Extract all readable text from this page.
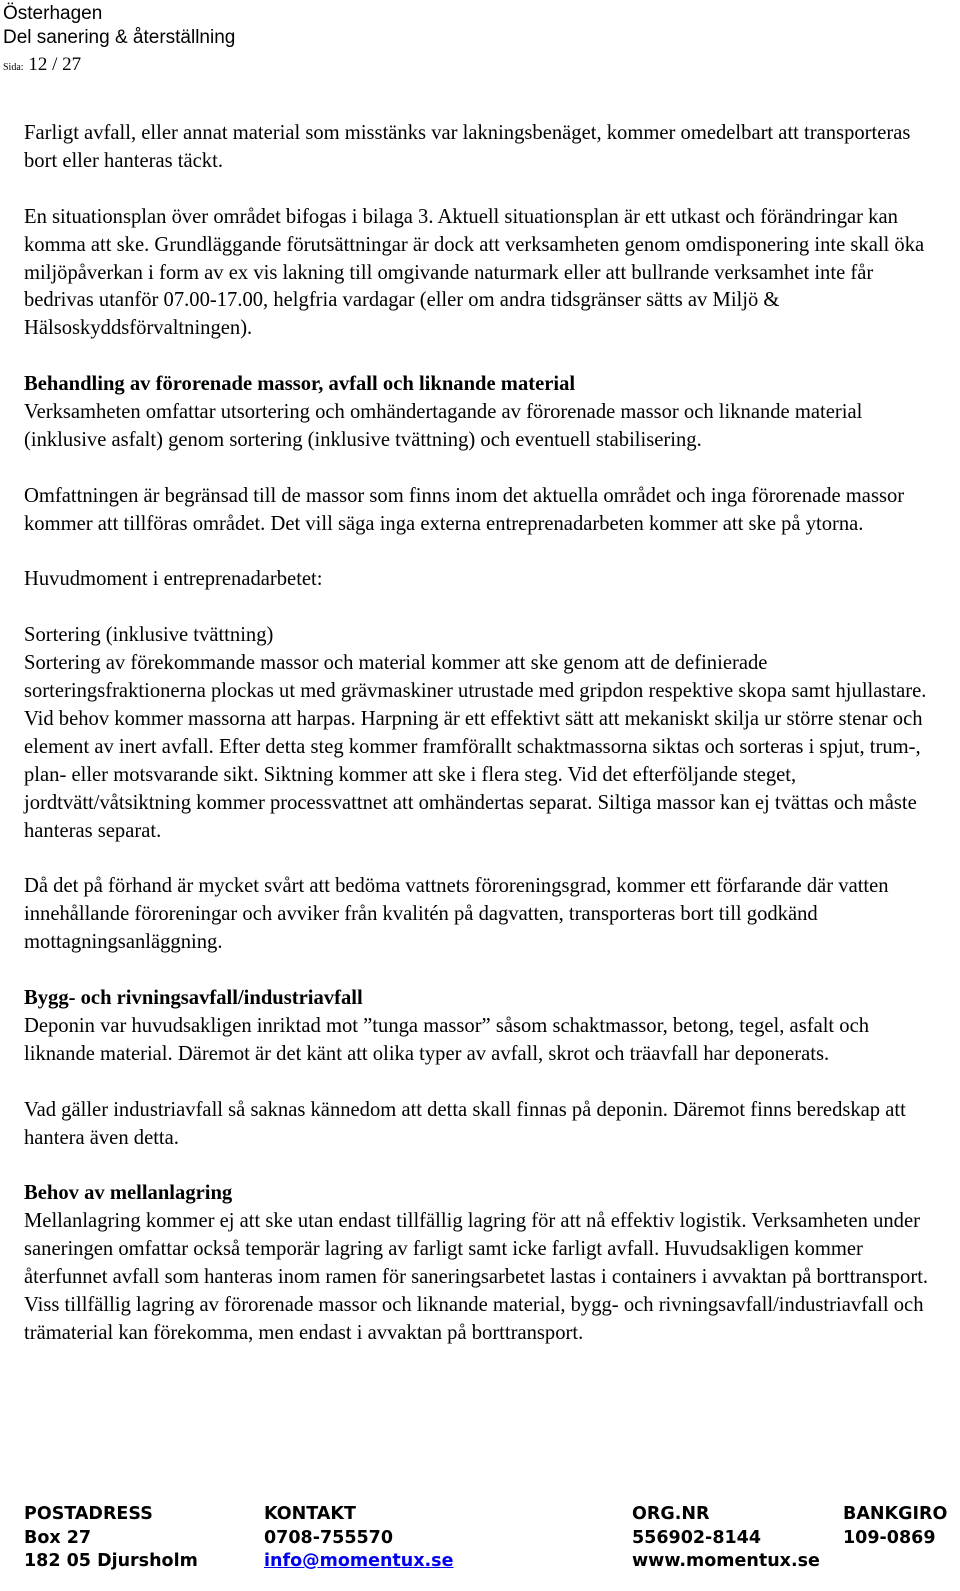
Österhagen
Del sanering & återställning
Sida: 12 / 27

Farligt avfall, eller annat material som misstänks var lakningsbenäget, kommer omedelbart att transporteras bort eller hanteras täckt.

En situationsplan över området bifogas i bilaga 3. Aktuell situationsplan är ett utkast och förändringar kan komma att ske. Grundläggande förutsättningar är dock att verksamheten genom omdisponering inte skall öka miljöpåverkan i form av ex vis lakning till omgivande naturmark eller att bullrande verksamhet inte får bedrivas utanför 07.00-17.00, helgfria vardagar (eller om andra tidsgränser sätts av Miljö & Hälsoskyddsförvaltningen).

Behandling av förorenade massor, avfall och liknande material

Verksamheten omfattar utsortering och omhändertagande av förorenade massor och liknande material (inklusive asfalt) genom sortering (inklusive tvättning) och eventuell stabilisering.

Omfattningen är begränsad till de massor som finns inom det aktuella området och inga förorenade massor kommer att tillföras området. Det vill säga inga externa entreprenadarbeten kommer att ske på ytorna.

Huvudmoment i entreprenadarbetet:

Sortering (inklusive tvättning)

Sortering av förekommande massor och material kommer att ske genom att de definierade sorteringsfraktionerna plockas ut med grävmaskiner utrustade med gripdon respektive skopa samt hjullastare. Vid behov kommer massorna att harpas. Harpning är ett effektivt sätt att mekaniskt skilja ur större stenar och element av inert avfall. Efter detta steg kommer framförallt schaktmassorna siktas och sorteras i spjut, trum-, plan- eller motsvarande sikt. Siktning kommer att ske i flera steg. Vid det efterföljande steget, jordtvätt/våtsiktning kommer processvattnet att omhändertas separat. Siltiga massor kan ej tvättas och måste hanteras separat.

Då det på förhand är mycket svårt att bedöma vattnets föroreningsgrad, kommer ett förfarande där vatten innehållande föroreningar och avviker från kvalitén på dagvatten, transporteras bort till godkänd mottagningsanläggning.

Bygg- och rivningsavfall/industriavfall

Deponin var huvudsakligen inriktad mot ”tunga massor” såsom schaktmassor, betong, tegel, asfalt och liknande material. Däremot är det känt att olika typer av avfall, skrot och träavfall har deponerats.

Vad gäller industriavfall så saknas kännedom att detta skall finnas på deponin. Däremot finns beredskap att hantera även detta.

Behov av mellanlagring

Mellanlagring kommer ej att ske utan endast tillfällig lagring för att nå effektiv logistik. Verksamheten under saneringen omfattar också temporär lagring av farligt samt icke farligt avfall. Huvudsakligen kommer återfunnet avfall som hanteras inom ramen för saneringsarbetet lastas i containers i avvaktan på borttransport. Viss tillfällig lagring av förorenade massor och liknande material, bygg- och rivningsavfall/industriavfall och trämaterial kan förekomma, men endast i avvaktan på borttransport.

POSTADRESS
Box 27
182 05 Djursholm
KONTAKT
0708-755570
info@momentux.se
ORG.NR
556902-8144
www.momentux.se
BANKGIRO
109-0869
